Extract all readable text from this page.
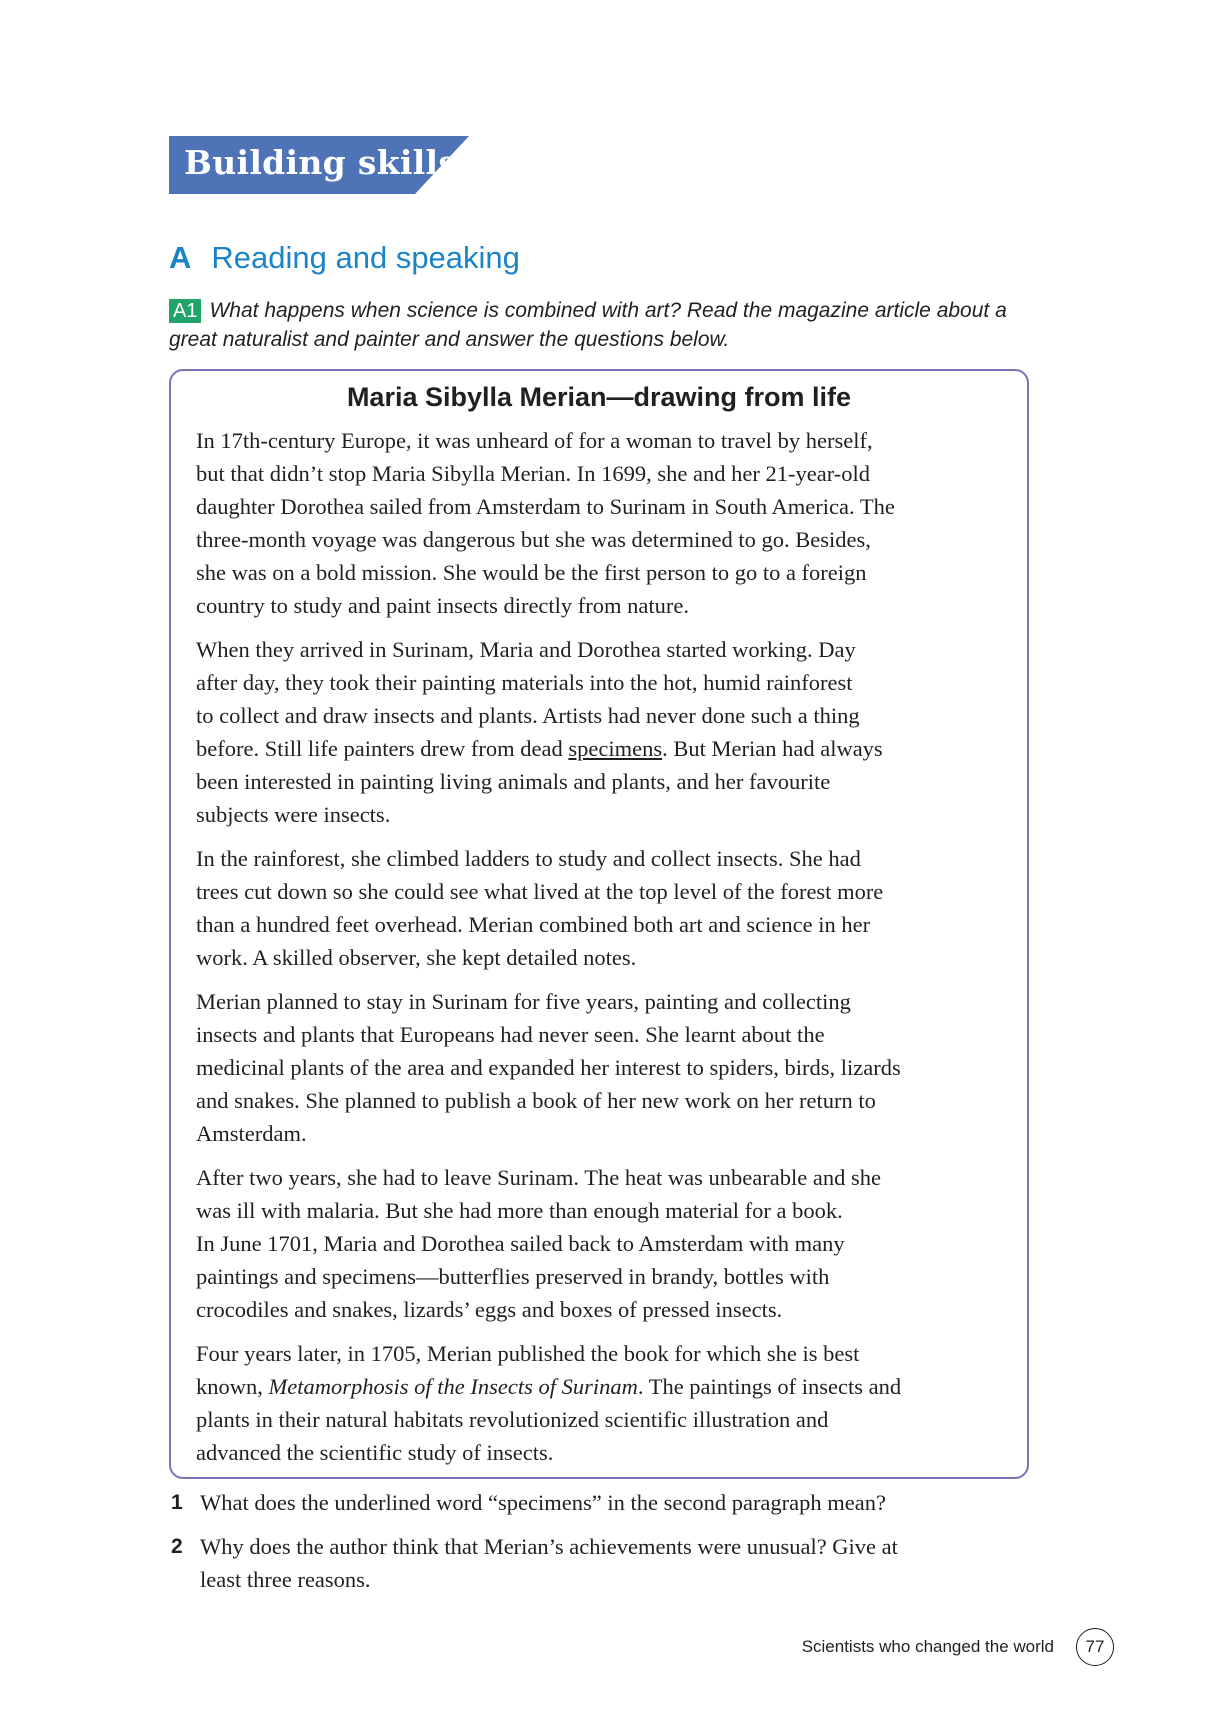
Building skills
A Reading and speaking
A1 What happens when science is combined with art? Read the magazine article about a great naturalist and painter and answer the questions below.
Maria Sibylla Merian—drawing from life

In 17th-century Europe, it was unheard of for a woman to travel by herself,
but that didn’t stop Maria Sibylla Merian. In 1699, she and her 21-year-old
daughter Dorothea sailed from Amsterdam to Surinam in South America. The
three-month voyage was dangerous but she was determined to go. Besides,
she was on a bold mission. She would be the first person to go to a foreign
country to study and paint insects directly from nature.

When they arrived in Surinam, Maria and Dorothea started working. Day
after day, they took their painting materials into the hot, humid rainforest
to collect and draw insects and plants. Artists had never done such a thing
before. Still life painters drew from dead specimens. But Merian had always
been interested in painting living animals and plants, and her favourite
subjects were insects.

In the rainforest, she climbed ladders to study and collect insects. She had
trees cut down so she could see what lived at the top level of the forest more
than a hundred feet overhead. Merian combined both art and science in her
work. A skilled observer, she kept detailed notes.

Merian planned to stay in Surinam for five years, painting and collecting
insects and plants that Europeans had never seen. She learnt about the
medicinal plants of the area and expanded her interest to spiders, birds, lizards
and snakes. She planned to publish a book of her new work on her return to
Amsterdam.

After two years, she had to leave Surinam. The heat was unbearable and she
was ill with malaria. But she had more than enough material for a book.
In June 1701, Maria and Dorothea sailed back to Amsterdam with many
paintings and specimens—butterflies preserved in brandy, bottles with
crocodiles and snakes, lizards’ eggs and boxes of pressed insects.

Four years later, in 1705, Merian published the book for which she is best
known, Metamorphosis of the Insects of Surinam. The paintings of insects and
plants in their natural habitats revolutionized scientific illustration and
advanced the scientific study of insects.

1 What does the underlined word “specimens” in the second paragraph mean?
2 Why does the author think that Merian’s achievements were unusual? Give at
least three reasons.
Scientists who changed the world	77
